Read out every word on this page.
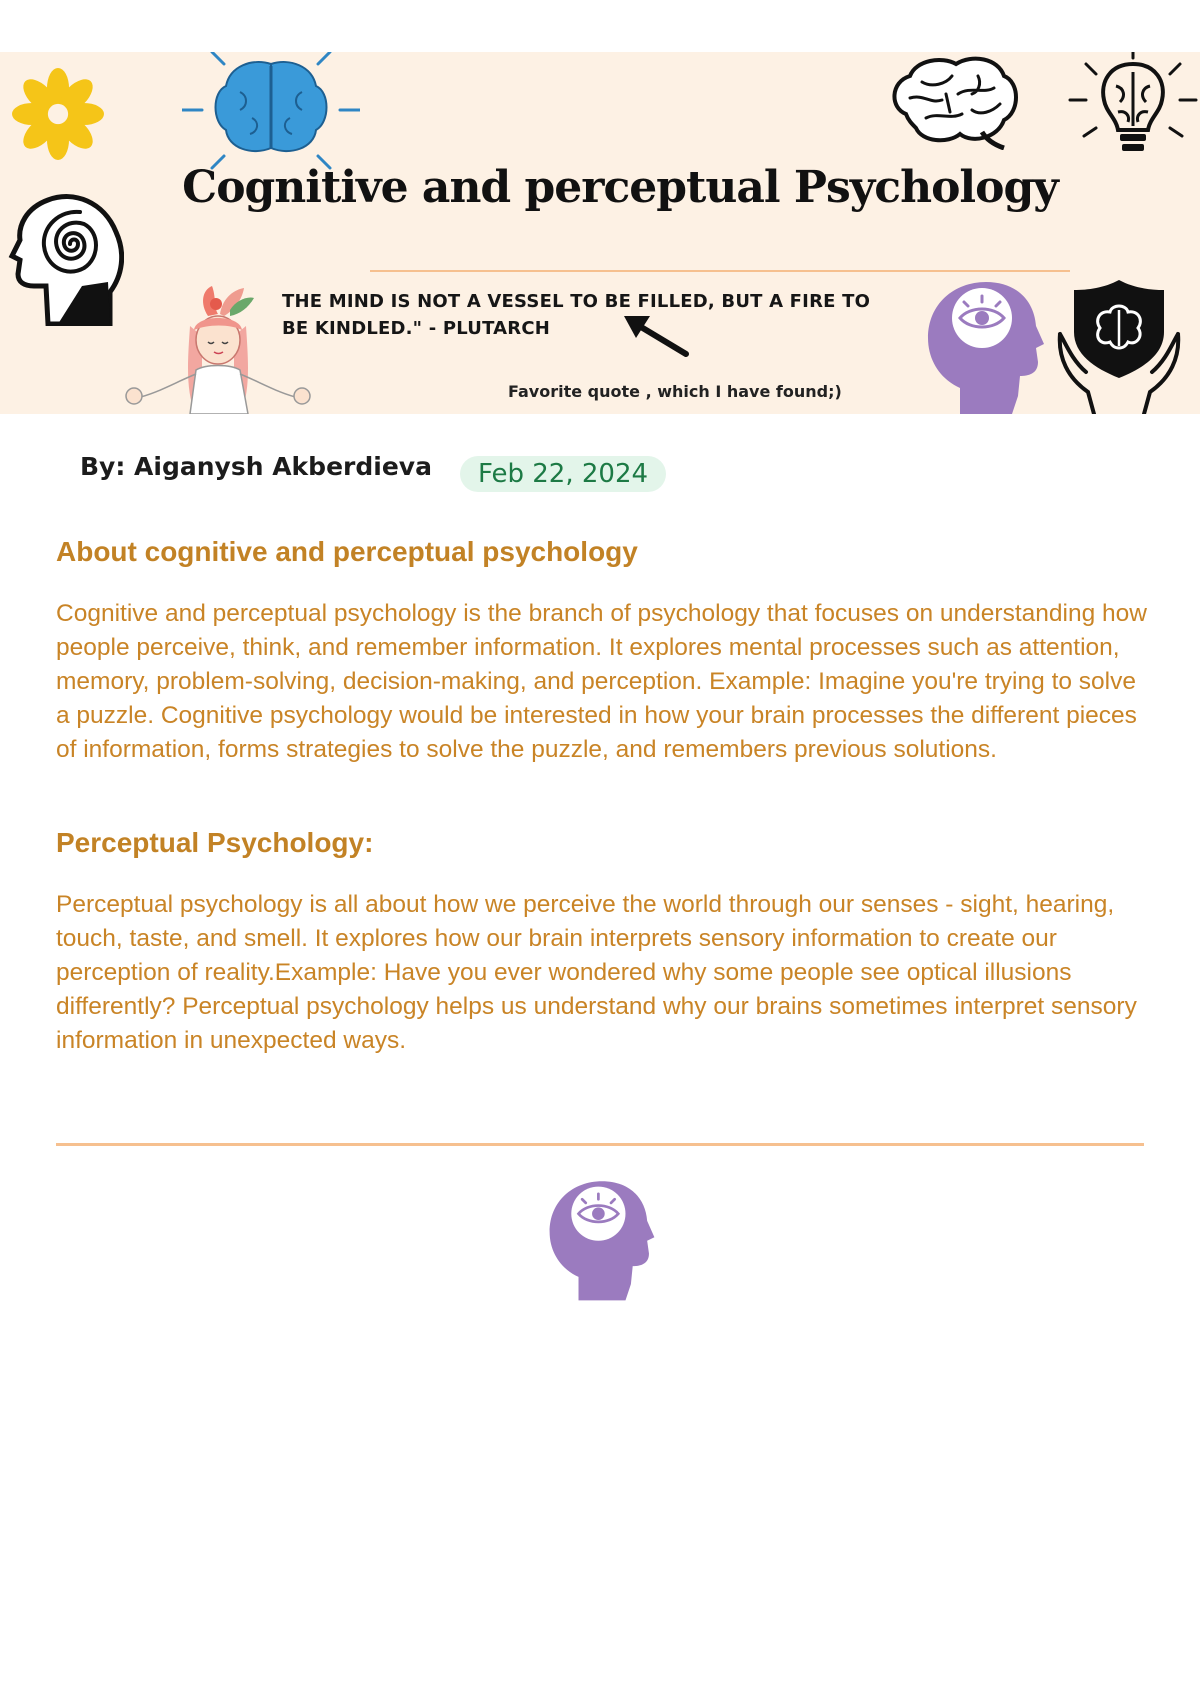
Cognitive and perceptual Psychology

THE MIND IS NOT A VESSEL TO BE FILLED, BUT A FIRE TO
BE KINDLED." - PLUTARCH

Favorite quote , which I have found;)
By: Aiganysh Akberdieva	Feb 22, 2024
About cognitive and perceptual psychology

Cognitive and perceptual psychology is the branch of psychology that focuses on understanding how people perceive, think, and remember information. It explores mental processes such as attention, memory, problem-solving, decision-making, and perception. Example: Imagine you're trying to solve a puzzle. Cognitive psychology would be interested in how your brain processes the different pieces of information, forms strategies to solve the puzzle, and remembers previous solutions.

Perceptual Psychology:

Perceptual psychology is all about how we perceive the world through our senses - sight, hearing, touch, taste, and smell. It explores how our brain interprets sensory information to create our perception of reality.Example: Have you ever wondered why some people see optical illusions differently? Perceptual psychology helps us understand why our brains sometimes interpret sensory information in unexpected ways.
